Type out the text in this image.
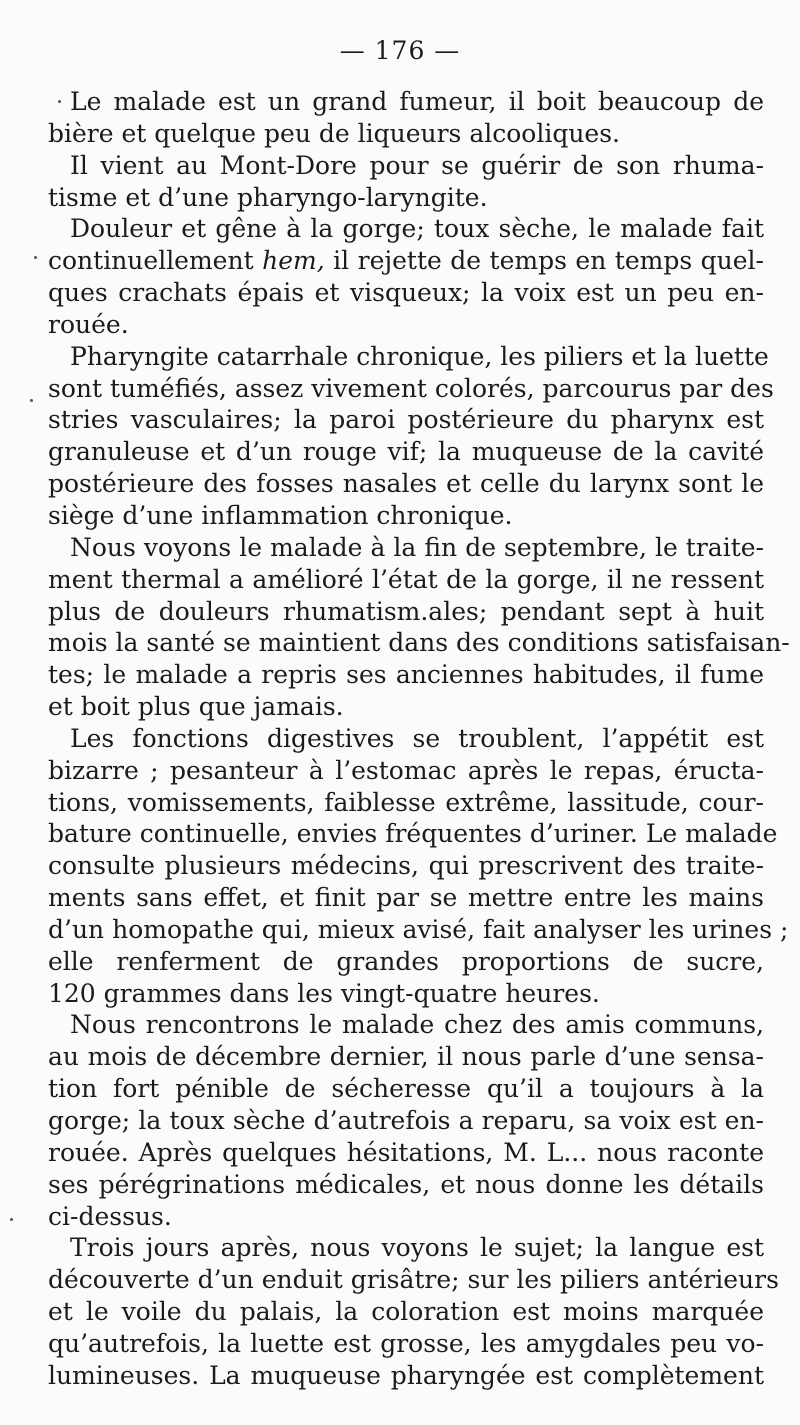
— 176 —
Le malade est un grand fumeur, il boit beaucoup de
bière et quelque peu de liqueurs alcooliques.
Il vient au Mont-Dore pour se guérir de son rhuma-
tisme et d’une pharyngo-laryngite.
Douleur et gêne à la gorge; toux sèche, le malade fait
continuellement hem, il rejette de temps en temps quel-
ques crachats épais et visqueux; la voix est un peu en-
rouée.
Pharyngite catarrhale chronique, les piliers et la luette
sont tuméfiés, assez vivement colorés, parcourus par des
stries vasculaires; la paroi postérieure du pharynx est
granuleuse et d’un rouge vif; la muqueuse de la cavité
postérieure des fosses nasales et celle du larynx sont le
siège d’une inflammation chronique.
Nous voyons le malade à la fin de septembre, le traite-
ment thermal a amélioré l’état de la gorge, il ne ressent
plus de douleurs rhumatism.ales; pendant sept à huit
mois la santé se maintient dans des conditions satisfaisan-
tes; le malade a repris ses anciennes habitudes, il fume
et boit plus que jamais.
Les fonctions digestives se troublent, l’appétit est
bizarre ; pesanteur à l’estomac après le repas, éructa-
tions, vomissements, faiblesse extrême, lassitude, cour-
bature continuelle, envies fréquentes d’uriner. Le malade
consulte plusieurs médecins, qui prescrivent des traite-
ments sans effet, et finit par se mettre entre les mains
d’un homopathe qui, mieux avisé, fait analyser les urines ;
elle renferment de grandes proportions de sucre,
120 grammes dans les vingt-quatre heures.
Nous rencontrons le malade chez des amis communs,
au mois de décembre dernier, il nous parle d’une sensa-
tion fort pénible de sécheresse qu’il a toujours à la
gorge; la toux sèche d’autrefois a reparu, sa voix est en-
rouée. Après quelques hésitations, M. L... nous raconte
ses pérégrinations médicales, et nous donne les détails
ci-dessus.
Trois jours après, nous voyons le sujet; la langue est
découverte d’un enduit grisâtre; sur les piliers antérieurs
et le voile du palais, la coloration est moins marquée
qu’autrefois, la luette est grosse, les amygdales peu vo-
lumineuses. La muqueuse pharyngée est complètement
